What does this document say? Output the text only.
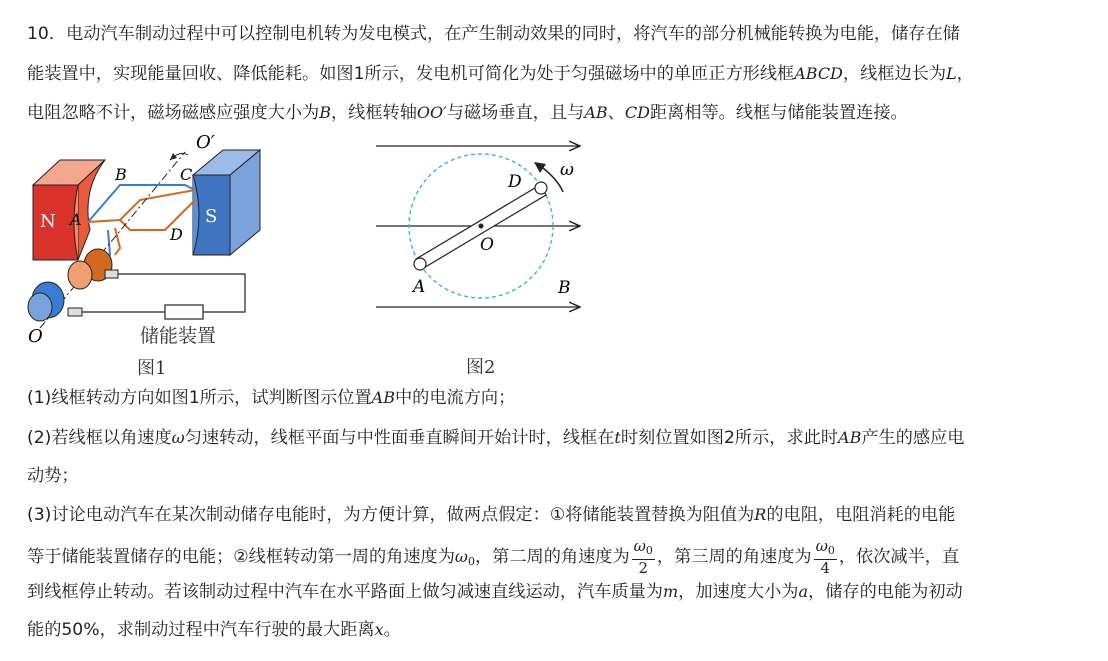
10．电动汽车制动过程中可以控制电机转为发电模式，在产生制动效果的同时，将汽车的部分机械能转换为电能，储存在储
能装置中，实现能量回收、降低能耗。如图1所示，发电机可简化为处于匀强磁场中的单匝正方形线框ABCD，线框边长为L，
电阻忽略不计，磁场磁感应强度大小为B，线框转轴OO′与磁场垂直，且与AB、CD距离相等。线框与储能装置连接。
N	S
B	C
A
D
O′
O	储能装置
图1
ω
D
O
A	B
图2
(1)线框转动方向如图1所示，试判断图示位置AB中的电流方向；
(2)若线框以角速度ω匀速转动，线框平面与中性面垂直瞬间开始计时，线框在t时刻位置如图2所示，求此时AB产生的感应电
动势；
(3)讨论电动汽车在某次制动储存电能时，为方便计算，做两点假定：①将储能装置替换为阻值为R的电阻，电阻消耗的电能
等于储能装置储存的电能；②线框转动第一周的角速度为$\omega_0$，第二周的角速度为 $\frac{\omega_0}{2}$ ，第三周的角速度为 $\frac{\omega_0}{4}$ ，依次减半，直
到线框停止转动。若该制动过程中汽车在水平路面上做匀减速直线运动，汽车质量为m，加速度大小为a，储存的电能为初动
能的50%，求制动过程中汽车行驶的最大距离x。
